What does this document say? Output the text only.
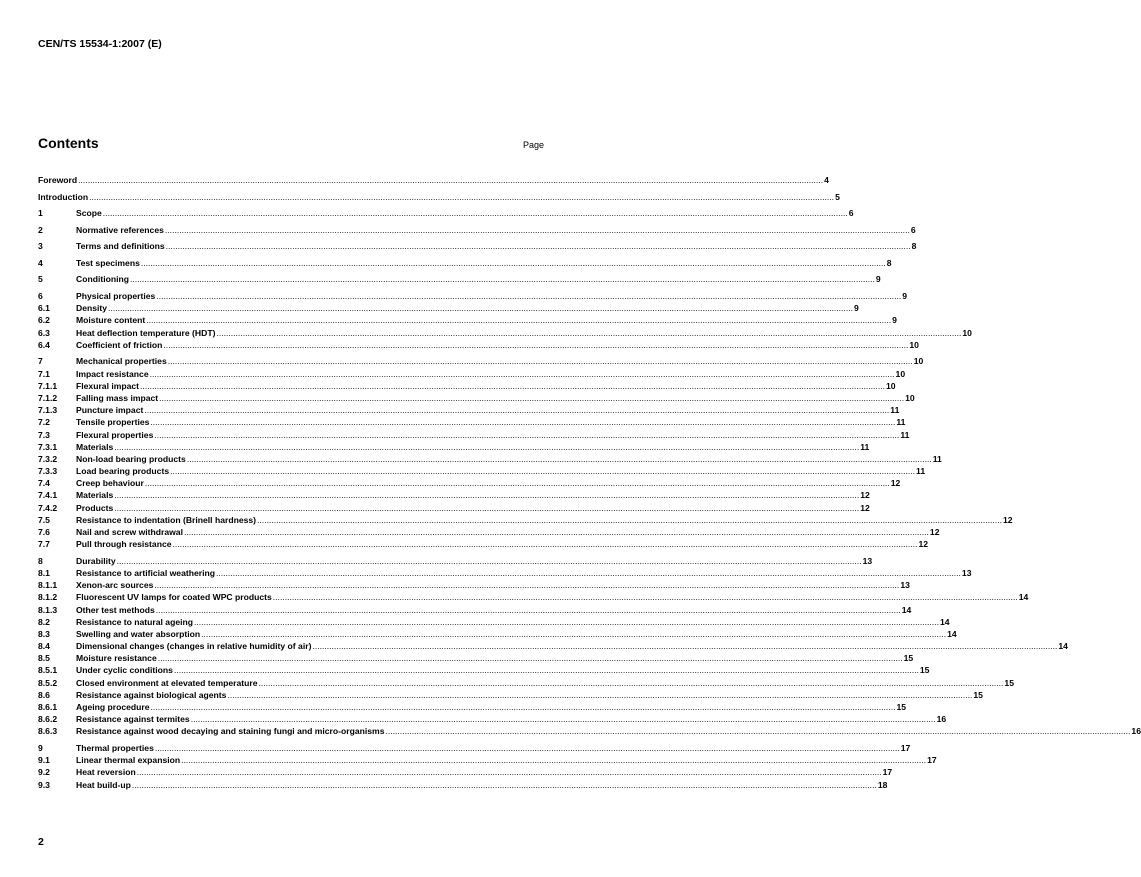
CEN/TS 15534-1:2007 (E)
Contents	Page
Foreword .....	4
Introduction .....	5
1	Scope .....	6
2	Normative references .....	6
3	Terms and definitions .....	8
4	Test specimens .....	8
5	Conditioning .....	9
6	Physical properties .....	9
6.1	Density .....	9
6.2	Moisture content .....	9
6.3	Heat deflection temperature (HDT) .....	10
6.4	Coefficient of friction .....	10
7	Mechanical properties .....	10
7.1	Impact resistance .....	10
7.1.1	Flexural impact .....	10
7.1.2	Falling mass impact .....	10
7.1.3	Puncture impact .....	11
7.2	Tensile properties .....	11
7.3	Flexural properties .....	11
7.3.1	Materials .....	11
7.3.2	Non-load bearing products .....	11
7.3.3	Load bearing products .....	11
7.4	Creep behaviour .....	12
7.4.1	Materials .....	12
7.4.2	Products .....	12
7.5	Resistance to indentation (Brinell hardness) .....	12
7.6	Nail and screw withdrawal .....	12
7.7	Pull through resistance .....	12
8	Durability .....	13
8.1	Resistance to artificial weathering .....	13
8.1.1	Xenon-arc sources .....	13
8.1.2	Fluorescent UV lamps for coated WPC products .....	14
8.1.3	Other test methods .....	14
8.2	Resistance to natural ageing .....	14
8.3	Swelling and water absorption .....	14
8.4	Dimensional changes (changes in relative humidity of air) .....	14
8.5	Moisture resistance .....	15
8.5.1	Under cyclic conditions .....	15
8.5.2	Closed environment at elevated temperature .....	15
8.6	Resistance against biological agents .....	15
8.6.1	Ageing procedure .....	15
8.6.2	Resistance against termites .....	16
8.6.3	Resistance against wood decaying and staining fungi and micro-organisms .....	16
9	Thermal properties .....	17
9.1	Linear thermal expansion .....	17
9.2	Heat reversion .....	17
9.3	Heat build-up .....	18
2
